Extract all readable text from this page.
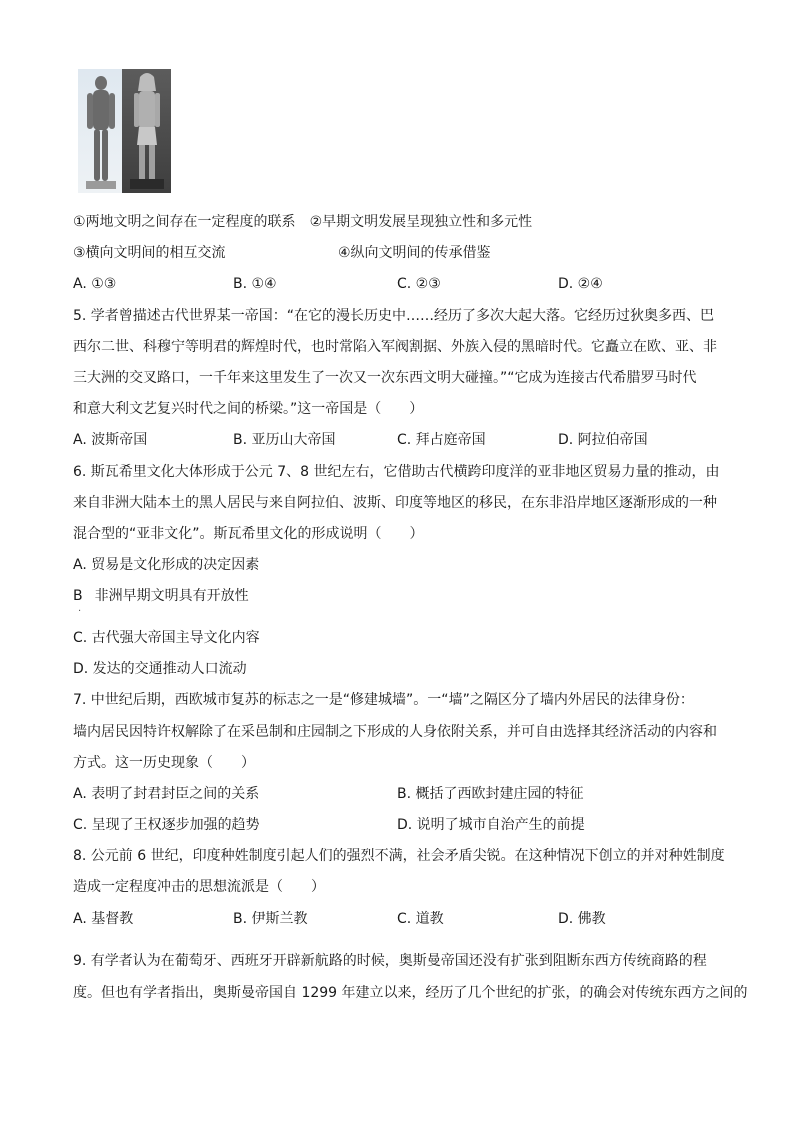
①两地文明之间存在一定程度的联系 ②早期文明发展呈现独立性和多元性
③横向文明间的相互交流	④纵向文明间的传承借鉴
A. ①③	B. ①④	C. ②③	D. ②④
5. 学者曾描述古代世界某一帝国：“在它的漫长历史中……经历了多次大起大落。它经历过狄奥多西、巴
西尔二世、科穆宁等明君的辉煌时代，也时常陷入军阀割据、外族入侵的黑暗时代。它矗立在欧、亚、非
三大洲的交叉路口，一千年来这里发生了一次又一次东西文明大碰撞。”“它成为连接古代希腊罗马时代
和意大利文艺复兴时代之间的桥梁。”这一帝国是（　　）
A. 波斯帝国	B. 亚历山大帝国	C. 拜占庭帝国	D. 阿拉伯帝国
6. 斯瓦希里文化大体形成于公元 7、8 世纪左右，它借助古代横跨印度洋的亚非地区贸易力量的推动，由
来自非洲大陆本土的黑人居民与来自阿拉伯、波斯、印度等地区的移民，在东非沿岸地区逐渐形成的一种
混合型的“亚非文化”。斯瓦希里文化的形成说明（　　）
A. 贸易是文化形成的决定因素
B 非洲早期文明具有开放性
.
C. 古代强大帝国主导文化内容
D. 发达的交通推动人口流动
7. 中世纪后期，西欧城市复苏的标志之一是“修建城墙”。一“墙”之隔区分了墙内外居民的法律身份：
墙内居民因特许权解除了在采邑制和庄园制之下形成的人身依附关系，并可自由选择其经济活动的内容和
方式。这一历史现象（　　）
A. 表明了封君封臣之间的关系	B. 概括了西欧封建庄园的特征
C. 呈现了王权逐步加强的趋势	D. 说明了城市自治产生的前提
8. 公元前 6 世纪，印度种姓制度引起人们的强烈不满，社会矛盾尖锐。在这种情况下创立的并对种姓制度
造成一定程度冲击的思想流派是（　　）
A. 基督教	B. 伊斯兰教	C. 道教	D. 佛教
9. 有学者认为在葡萄牙、西班牙开辟新航路的时候，奥斯曼帝国还没有扩张到阻断东西方传统商路的程
度。但也有学者指出，奥斯曼帝国自 1299 年建立以来，经历了几个世纪的扩张，的确会对传统东西方之间的
